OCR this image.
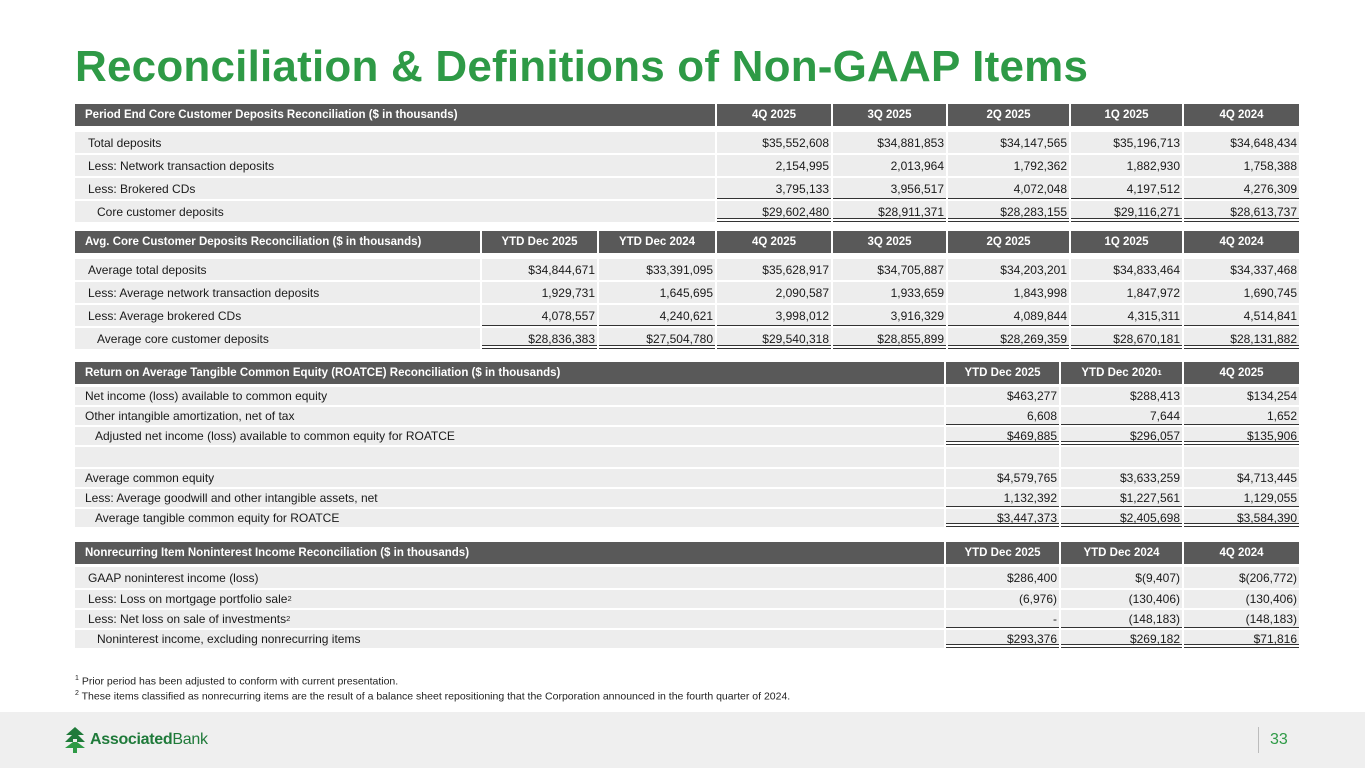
Reconciliation & Definitions of Non-GAAP Items
Period End Core Customer Deposits Reconciliation ($ in thousands)	4Q 2025	3Q 2025	2Q 2025	1Q 2025	4Q 2024
Total deposits	$35,552,608	$34,881,853	$34,147,565	$35,196,713	$34,648,434
Less: Network transaction deposits	2,154,995	2,013,964	1,792,362	1,882,930	1,758,388
Less: Brokered CDs	3,795,133	3,956,517	4,072,048	4,197,512	4,276,309
Core customer deposits	$29,602,480	$28,911,371	$28,283,155	$29,116,271	$28,613,737
Avg. Core Customer Deposits Reconciliation ($ in thousands)	YTD Dec 2025	YTD Dec 2024	4Q 2025	3Q 2025	2Q 2025	1Q 2025	4Q 2024
Average total deposits	$34,844,671	$33,391,095	$35,628,917	$34,705,887	$34,203,201	$34,833,464	$34,337,468
Less: Average network transaction deposits	1,929,731	1,645,695	2,090,587	1,933,659	1,843,998	1,847,972	1,690,745
Less: Average brokered CDs	4,078,557	4,240,621	3,998,012	3,916,329	4,089,844	4,315,311	4,514,841
Average core customer deposits	$28,836,383	$27,504,780	$29,540,318	$28,855,899	$28,269,359	$28,670,181	$28,131,882
Return on Average Tangible Common Equity (ROATCE) Reconciliation ($ in thousands)	YTD Dec 2025	YTD Dec 2020 1	4Q 2025
Net income (loss) available to common equity	$463,277	$288,413	$134,254
Other intangible amortization, net of tax	6,608	7,644	1,652
Adjusted net income (loss) available to common equity for ROATCE	$469,885	$296,057	$135,906
Average common equity	$4,579,765	$3,633,259	$4,713,445
Less: Average goodwill and other intangible assets, net	1,132,392	$1,227,561	1,129,055
Average tangible common equity for ROATCE	$3,447,373	$2,405,698	$3,584,390
Nonrecurring Item Noninterest Income Reconciliation ($ in thousands)	YTD Dec 2025	YTD Dec 2024	4Q 2024
GAAP noninterest income (loss)	$286,400	$(9,407)	$(206,772)
Less: Loss on mortgage portfolio sale 2	(6,976)	(130,406)	(130,406)
Less: Net loss on sale of investments 2	-	(148,183)	(148,183)
Noninterest income, excluding nonrecurring items	$293,376	$269,182	$71,816
$^1$ Prior period has been adjusted to conform with current presentation.
$^2$ These items classified as nonrecurring items are the result of a balance sheet repositioning that the Corporation announced in the fourth quarter of 2024.
Associated Bank	33
